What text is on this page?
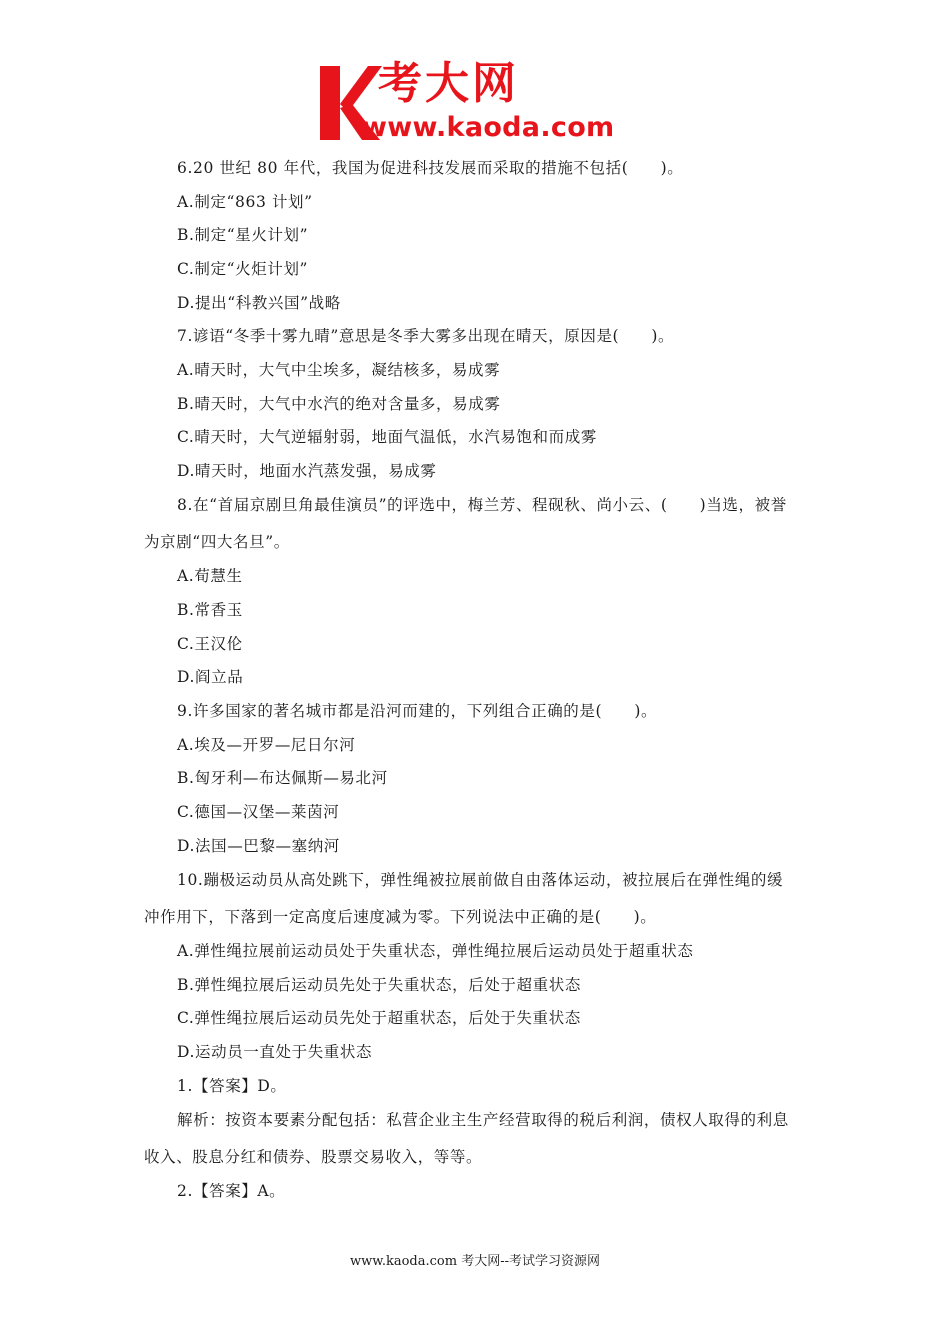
考大网
www.kaoda.com
6.20 世纪 80 年代，我国为促进科技发展而采取的措施不包括(　　)。
A.制定“863 计划”
B.制定“星火计划”
C.制定“火炬计划”
D.提出“科教兴国”战略
7.谚语“冬季十雾九晴”意思是冬季大雾多出现在晴天，原因是(　　)。
A.晴天时，大气中尘埃多，凝结核多，易成雾
B.晴天时，大气中水汽的绝对含量多，易成雾
C.晴天时，大气逆辐射弱，地面气温低，水汽易饱和而成雾
D.晴天时，地面水汽蒸发强，易成雾
8.在“首届京剧旦角最佳演员”的评选中，梅兰芳、程砚秋、尚小云、(　　)当选，被誉
为京剧“四大名旦”。
A.荀慧生
B.常香玉
C.王汉伦
D.阎立品
9.许多国家的著名城市都是沿河而建的，下列组合正确的是(　　)。
A.埃及—开罗—尼日尔河
B.匈牙利—布达佩斯—易北河
C.德国—汉堡—莱茵河
D.法国—巴黎—塞纳河
10.蹦极运动员从高处跳下，弹性绳被拉展前做自由落体运动，被拉展后在弹性绳的缓
冲作用下，下落到一定高度后速度减为零。下列说法中正确的是(　　)。
A.弹性绳拉展前运动员处于失重状态，弹性绳拉展后运动员处于超重状态
B.弹性绳拉展后运动员先处于失重状态，后处于超重状态
C.弹性绳拉展后运动员先处于超重状态，后处于失重状态
D.运动员一直处于失重状态
1.【答案】D。
解析：按资本要素分配包括：私营企业主生产经营取得的税后利润，债权人取得的利息
收入、股息分红和债券、股票交易收入，等等。
2.【答案】A。
www.kaoda.com 考大网--考试学习资源网
